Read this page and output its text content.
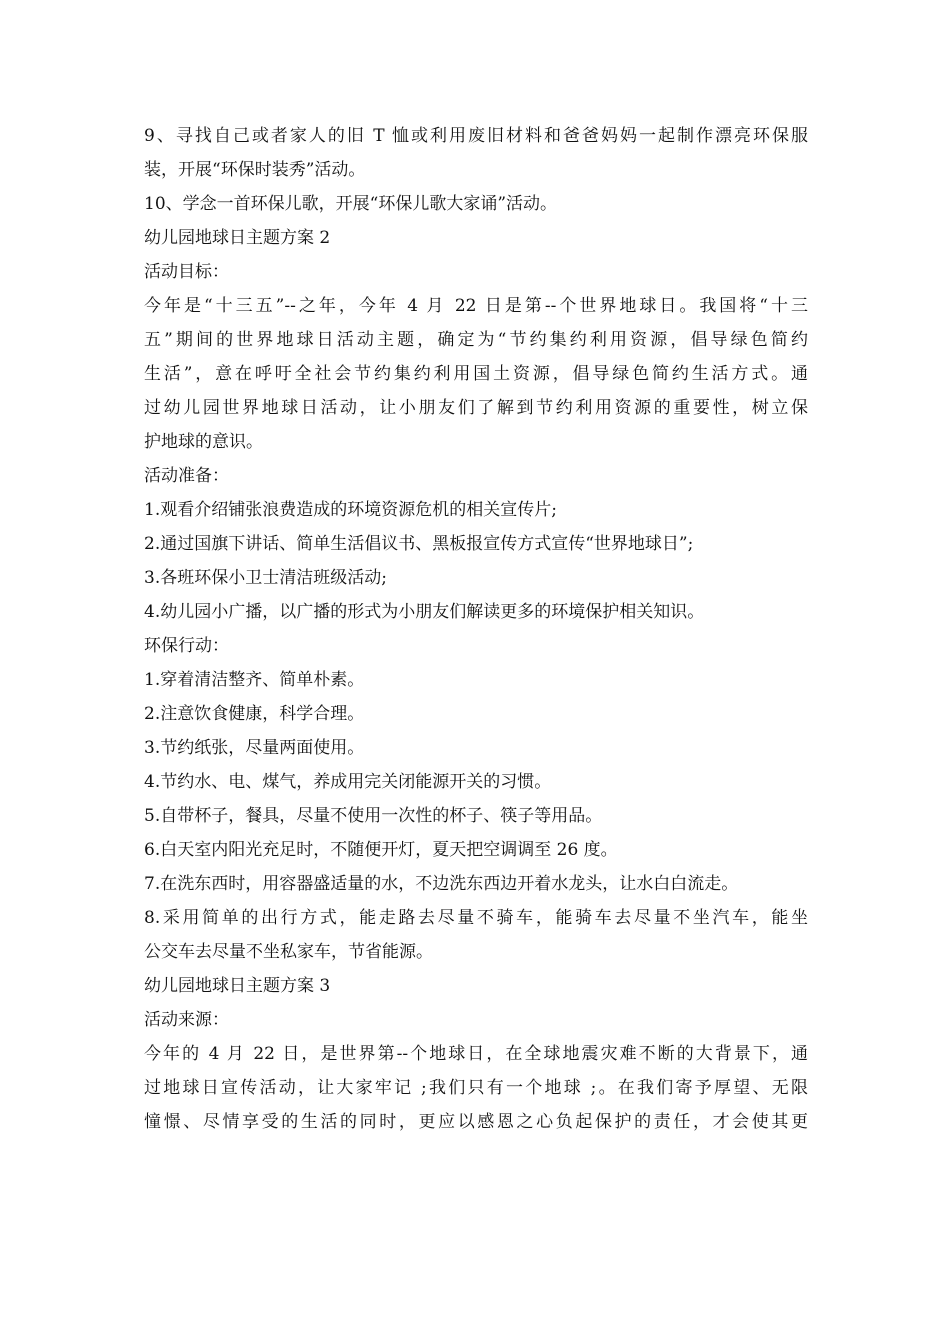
9、寻找自己或者家人的旧 T 恤或利用废旧材料和爸爸妈妈一起制作漂亮环保服
装，开展“环保时装秀”活动。
10、学念一首环保儿歌，开展“环保儿歌大家诵”活动。
幼儿园地球日主题方案 2
活动目标：
今年是“十三五”--之年，今年 4 月 22 日是第--个世界地球日。我国将“十三
五”期间的世界地球日活动主题，确定为“节约集约利用资源，倡导绿色简约
生活”，意在呼吁全社会节约集约利用国土资源，倡导绿色简约生活方式。通
过幼儿园世界地球日活动，让小朋友们了解到节约利用资源的重要性，树立保
护地球的意识。
活动准备：
1.观看介绍铺张浪费造成的环境资源危机的相关宣传片;
2.通过国旗下讲话、简单生活倡议书、黑板报宣传方式宣传“世界地球日”;
3.各班环保小卫士清洁班级活动;
4.幼儿园小广播，以广播的形式为小朋友们解读更多的环境保护相关知识。
环保行动：
1.穿着清洁整齐、简单朴素。
2.注意饮食健康，科学合理。
3.节约纸张，尽量两面使用。
4.节约水、电、煤气，养成用完关闭能源开关的习惯。
5.自带杯子，餐具，尽量不使用一次性的杯子、筷子等用品。
6.白天室内阳光充足时，不随便开灯，夏天把空调调至 26 度。
7.在洗东西时，用容器盛适量的水，不边洗东西边开着水龙头，让水白白流走。
8.采用简单的出行方式，能走路去尽量不骑车，能骑车去尽量不坐汽车，能坐
公交车去尽量不坐私家车，节省能源。
幼儿园地球日主题方案 3
活动来源：
今年的 4 月 22 日，是世界第--个地球日，在全球地震灾难不断的大背景下，通
过地球日宣传活动，让大家牢记 ;我们只有一个地球 ;。在我们寄予厚望、无限
憧憬、尽情享受的生活的同时，更应以感恩之心负起保护的责任，才会使其更
